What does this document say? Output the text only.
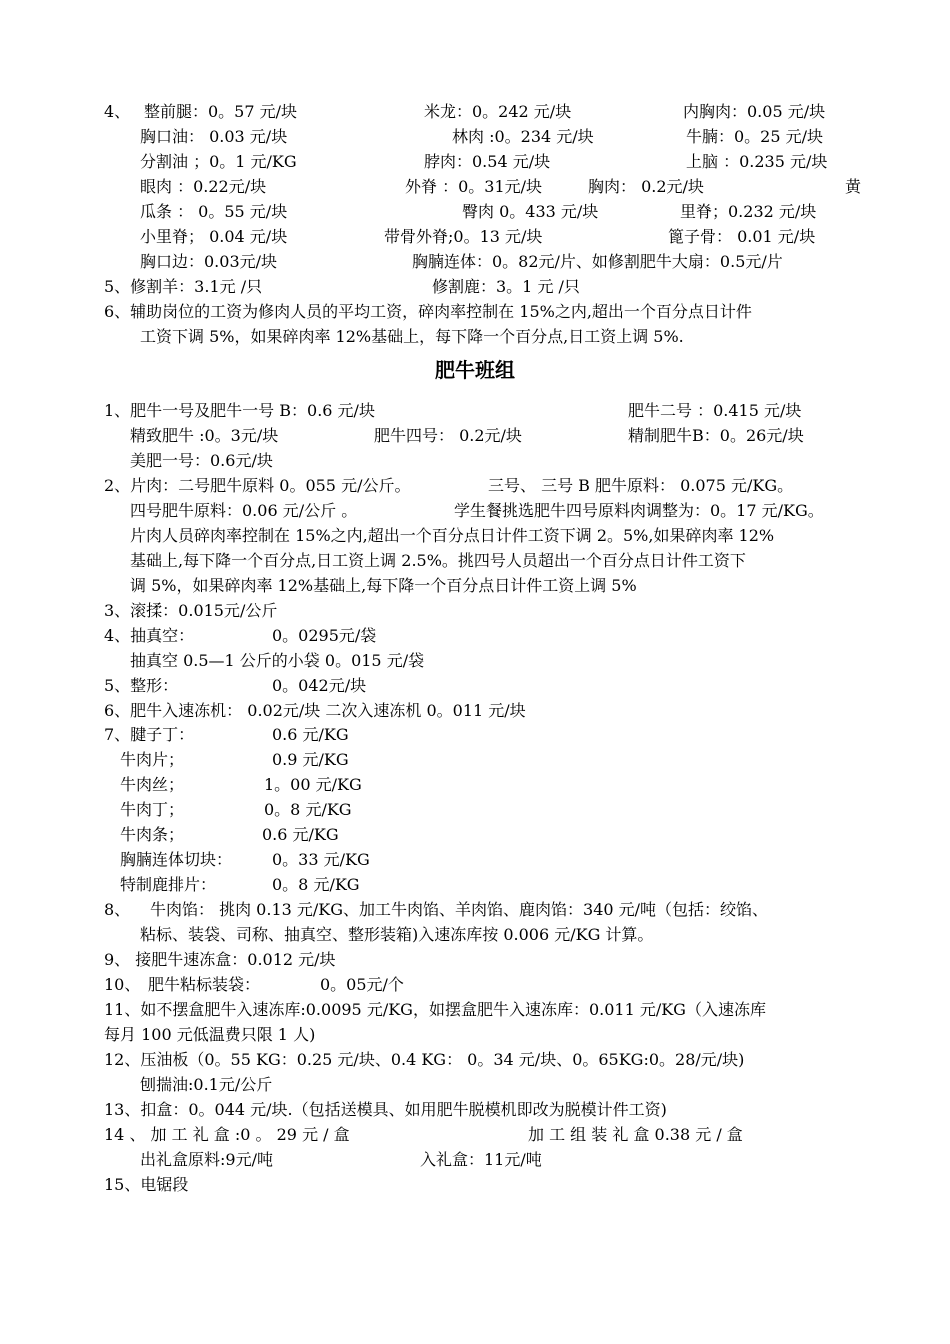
4、 整前腿：0。57 元/块	米龙：0。242 元/块	内胸肉：0.05 元/块
胸口油： 0.03 元/块	林肉 :0。234 元/块	牛腩：0。25 元/块
分割油 ；0。1 元/KG	脖肉：0.54 元/块	上脑 ：0.235 元/块
眼肉 ：0.22元/块	外脊 ：0。31元/块	胸肉： 0.2元/块	黄
瓜条 ： 0。55 元/块	臀肉 0。433 元/块	里脊；0.232 元/块
小里脊； 0.04 元/块	带骨外脊;0。13 元/块	篦子骨： 0.01 元/块
胸口边：0.03元/块	胸腩连体：0。82元/片、如修割肥牛大扇：0.5元/片
5、修割羊：3.1元 /只	修割鹿：3。1 元 /只
6、辅助岗位的工资为修肉人员的平均工资，碎肉率控制在 15%之内,超出一个百分点日计件
工资下调 5%，如果碎肉率 12%基础上，每下降一个百分点,日工资上调 5%.
肥牛班组
1、肥牛一号及肥牛一号 B：0.6 元/块	肥牛二号 ：0.415 元/块
精致肥牛 :0。3元/块	肥牛四号： 0.2元/块	精制肥牛B：0。26元/块
美肥一号：0.6元/块
2、片肉：二号肥牛原料 0。055 元/公斤。	三号、 三号 B 肥牛原料： 0.075 元/KG。
四号肥牛原料：0.06 元/公斤 。	学生餐挑选肥牛四号原料肉调整为：0。17 元/KG。
片肉人员碎肉率控制在 15%之内,超出一个百分点日计件工资下调 2。5%,如果碎肉率 12%
基础上,每下降一个百分点,日工资上调 2.5%。挑四号人员超出一个百分点日计件工资下
调 5%，如果碎肉率 12%基础上,每下降一个百分点日计件工资上调 5%
3、滚揉：0.015元/公斤
4、抽真空：	0。0295元/袋
抽真空 0.5—1 公斤的小袋 0。015 元/袋
5、整形：	0。042元/块
6、肥牛入速冻机： 0.02元/块 二次入速冻机 0。011 元/块
7、腱子丁：	0.6 元/KG
牛肉片；	0.9 元/KG
牛肉丝；	1。00 元/KG
牛肉丁；	0。8 元/KG
牛肉条；	0.6 元/KG
胸腩连体切块： 0。33 元/KG
特制鹿排片：	0。8 元/KG
8、 牛肉馅： 挑肉 0.13 元/KG、加工牛肉馅、羊肉馅、鹿肉馅：340 元/吨（包括：绞馅、
粘标、装袋、司称、抽真空、整形装箱)入速冻库按 0.006 元/KG 计算。
9、 接肥牛速冻盒：0.012 元/块
10、 肥牛粘标装袋：	0。05元/个
11、如不摆盒肥牛入速冻库:0.0095 元/KG，如摆盒肥牛入速冻库：0.011 元/KG（入速冻库
每月 100 元低温费只限 1 人)
12、压油板（0。55 KG：0.25 元/块、0.4 KG： 0。34 元/块、0。65KG:0。28/元/块)
刨揣油:0.1元/公斤
13、扣盒：0。044 元/块.（包括送模具、如用肥牛脱模机即改为脱模计件工资)
14 、 加 工 礼 盒 :0 。 29 元 / 盒	加 工 组 装 礼 盒 0.38 元 / 盒
出礼盒原料:9元/吨	入礼盒：11元/吨
15、电锯段
